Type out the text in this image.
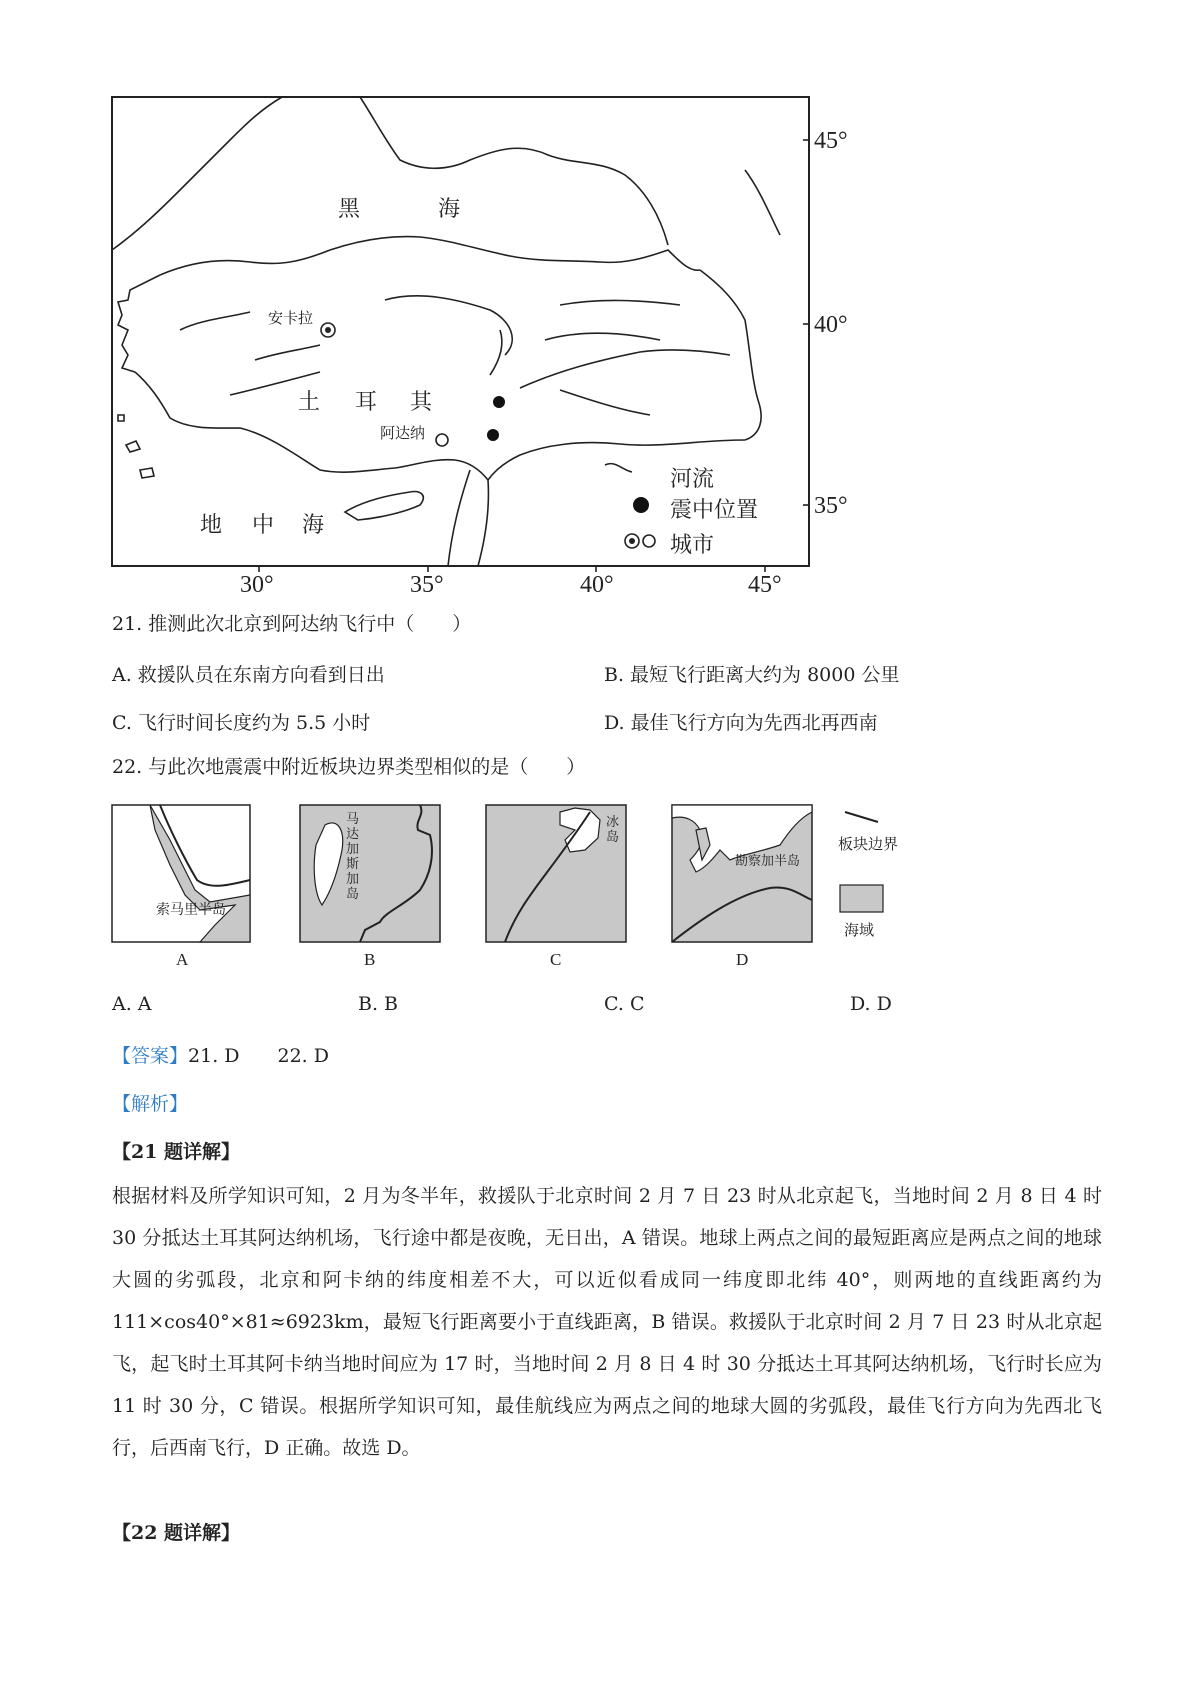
黑	海
地 中 海
土 耳 其
安卡拉
阿达纳
45°
40°
35°
30°	35°	40°	45°
河流
震中位置
城市
21. 推测此次北京到阿达纳飞行中（　　）
A. 救援队员在东南方向看到日出	B. 最短飞行距离大约为 8000 公里
C. 飞行时间长度约为 5.5 小时	D. 最佳飞行方向为先西北再西南
22. 与此次地震震中附近板块边界类型相似的是（　　）
索马里半岛
马达加斯加岛
冰岛
勘察加半岛
板块边界
海域
A	B	C	D
A. A	B. B	C. C	D. D
【答案】21. D　　22. D
【解析】
【21 题详解】
根据材料及所学知识可知，2 月为冬半年，救援队于北京时间 2 月 7 日 23 时从北京起飞，当地时间 2 月 8 日 4 时 30 分抵达土耳其阿达纳机场，飞行途中都是夜晚，无日出，A 错误。地球上两点之间的最短距离应是两点之间的地球大圆的劣弧段，北京和阿卡纳的纬度相差不大，可以近似看成同一纬度即北纬 40°，则两地的直线距离约为 111×cos40°×81≈6923km，最短飞行距离要小于直线距离，B 错误。救援队于北京时间 2 月 7 日 23 时从北京起飞，起飞时土耳其阿卡纳当地时间应为 17 时，当地时间 2 月 8 日 4 时 30 分抵达土耳其阿达纳机场，飞行时长应为 11 时 30 分，C 错误。根据所学知识可知，最佳航线应为两点之间的地球大圆的劣弧段，最佳飞行方向为先西北飞行，后西南飞行，D 正确。故选 D。
【22 题详解】
